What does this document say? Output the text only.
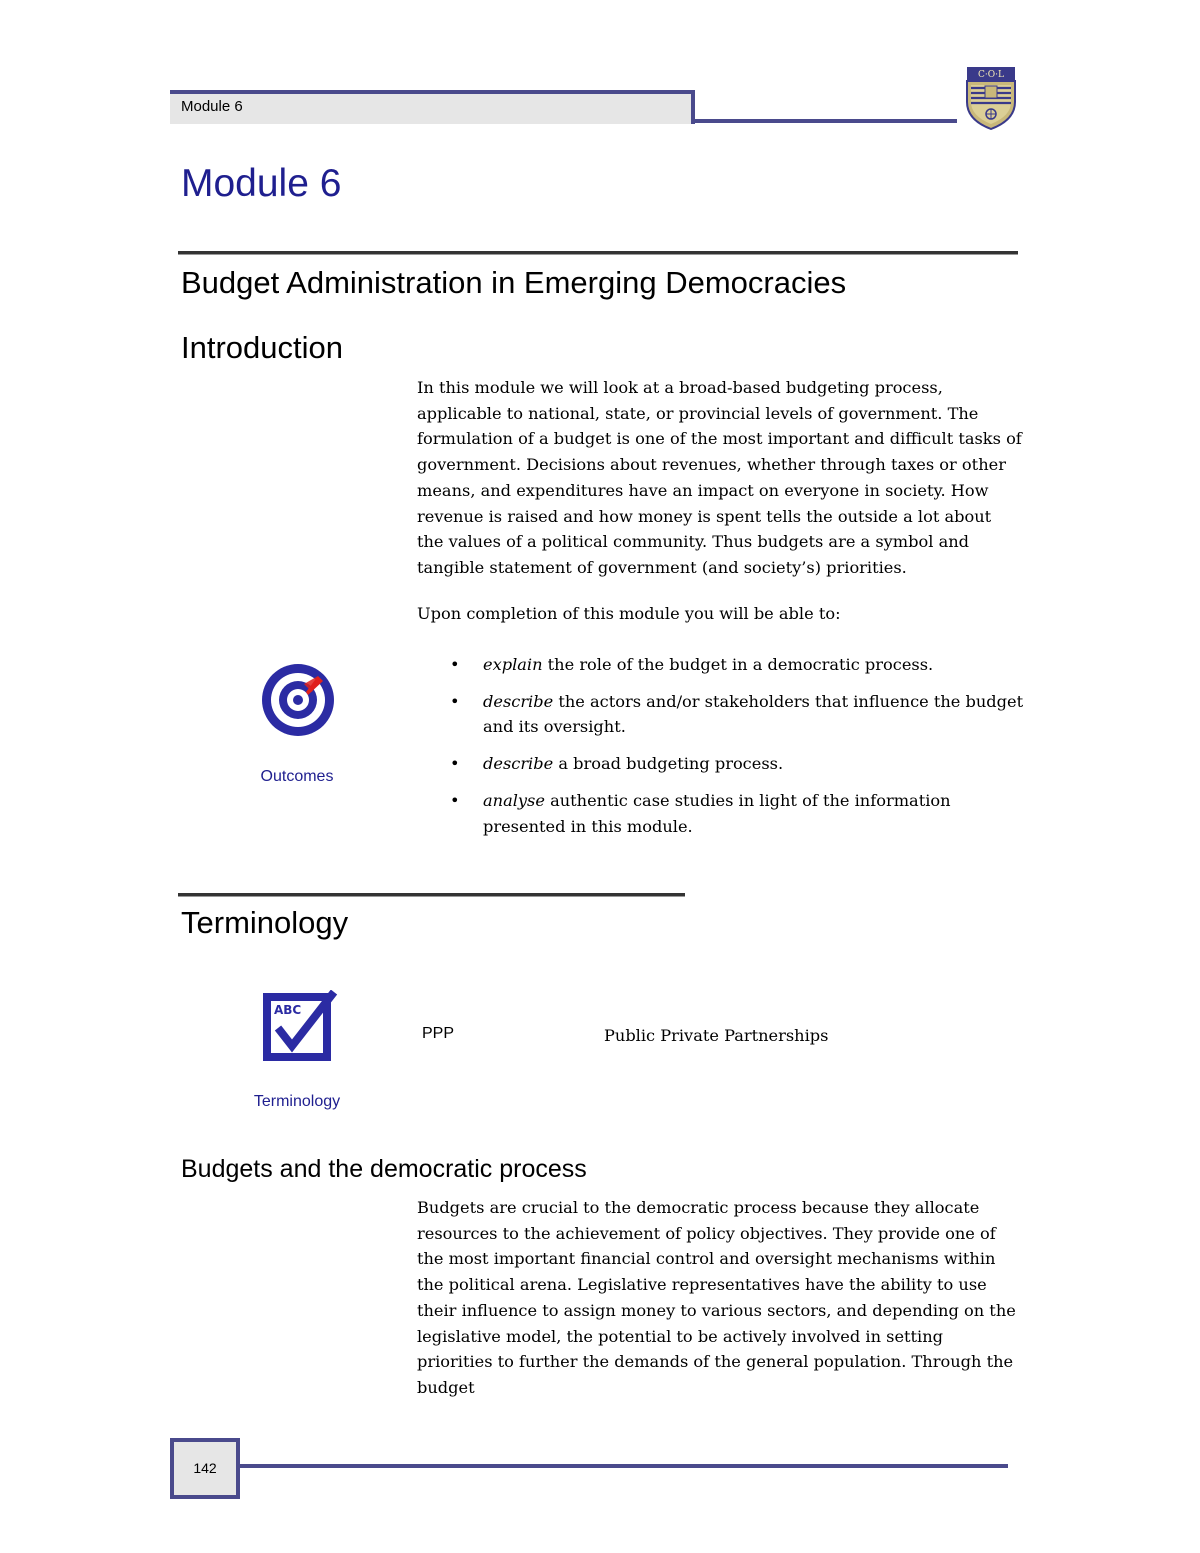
Module 6
C·O·L
Module 6
Budget Administration in Emerging Democracies
Introduction
In this module we will look at a broad-based budgeting process, applicable to national, state, or provincial levels of government. The formulation of a budget is one of the most important and difficult tasks of government. Decisions about revenues, whether through taxes or other means, and expenditures have an impact on everyone in society. How revenue is raised and how money is spent tells the outside a lot about the values of a political community. Thus budgets are a symbol and tangible statement of government (and society’s) priorities.
Upon completion of this module you will be able to:
Outcomes
• explain the role of the budget in a democratic process.
• describe the actors and/or stakeholders that influence the budget and its oversight.
• describe a broad budgeting process.
• analyse authentic case studies in light of the information presented in this module.
Terminology
ABC
Terminology
PPP	Public Private Partnerships
Budgets and the democratic process
Budgets are crucial to the democratic process because they allocate resources to the achievement of policy objectives. They provide one of the most important financial control and oversight mechanisms within the political arena. Legislative representatives have the ability to use their influence to assign money to various sectors, and depending on the legislative model, the potential to be actively involved in setting priorities to further the demands of the general population. Through the budget
142
